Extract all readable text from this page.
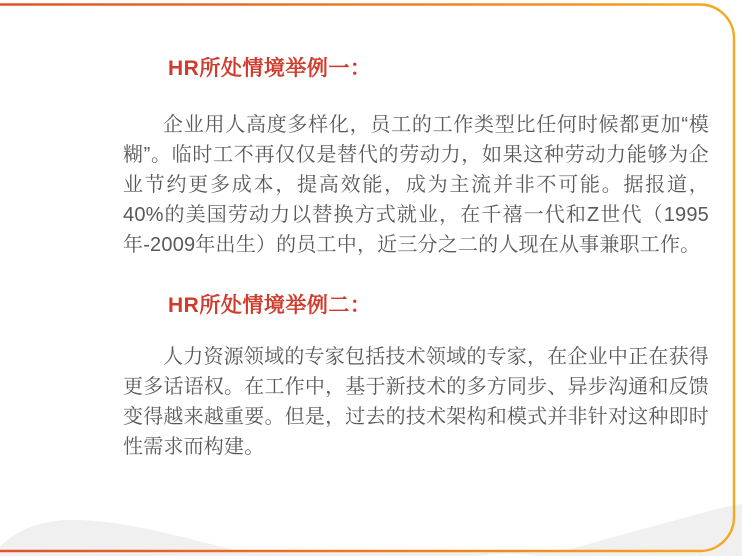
HR所处情境举例一：
企业用人高度多样化，员工的工作类型比任何时候都更加“模糊”。临时工不再仅仅是替代的劳动力，如果这种劳动力能够为企业节约更多成本，提高效能，成为主流并非不可能。据报道，40%的美国劳动力以替换方式就业，在千禧一代和Z世代（1995年-2009年出生）的员工中，近三分之二的人现在从事兼职工作。
HR所处情境举例二：
人力资源领域的专家包括技术领域的专家，在企业中正在获得更多话语权。在工作中，基于新技术的多方同步、异步沟通和反馈变得越来越重要。但是，过去的技术架构和模式并非针对这种即时性需求而构建。
